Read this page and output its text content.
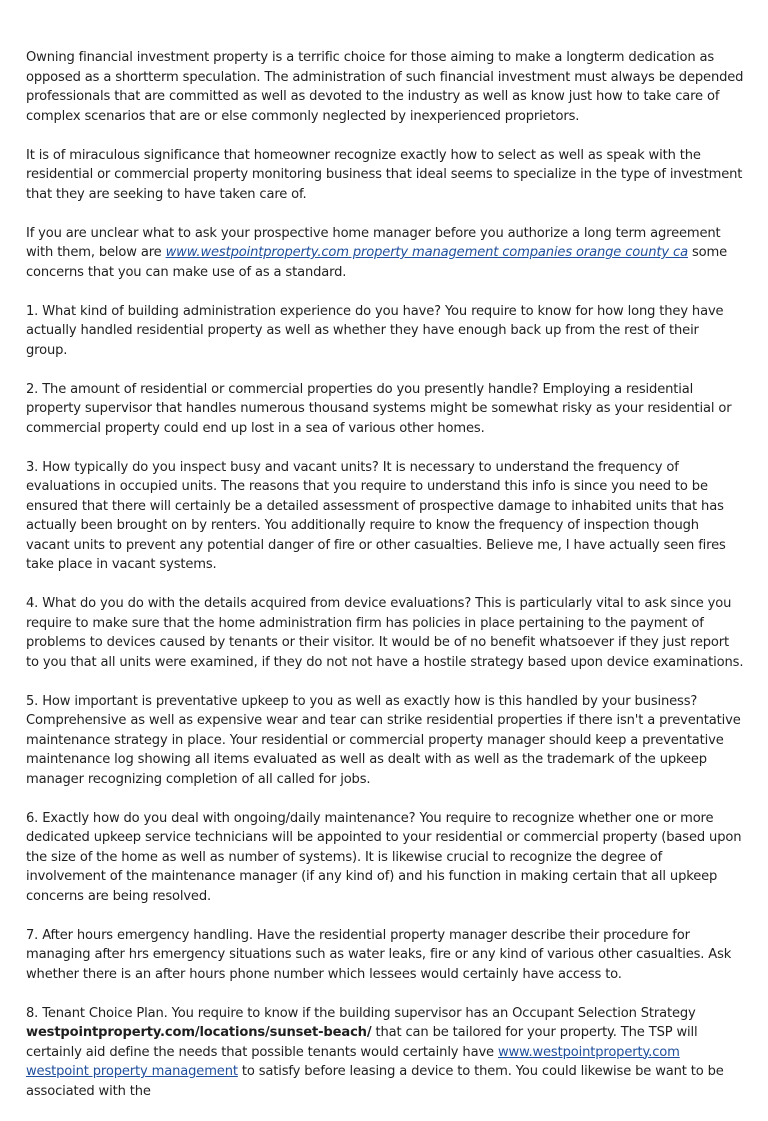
Owning financial investment property is a terrific choice for those aiming to make a longterm dedication as opposed as a shortterm speculation. The administration of such financial investment must always be depended professionals that are committed as well as devoted to the industry as well as know just how to take care of complex scenarios that are or else commonly neglected by inexperienced proprietors.

It is of miraculous significance that homeowner recognize exactly how to select as well as speak with the residential or commercial property monitoring business that ideal seems to specialize in the type of investment that they are seeking to have taken care of.

If you are unclear what to ask your prospective home manager before you authorize a long term agreement with them, below are www.westpointproperty.com property management companies orange county ca some concerns that you can make use of as a standard.

1. What kind of building administration experience do you have? You require to know for how long they have actually handled residential property as well as whether they have enough back up from the rest of their group.

2. The amount of residential or commercial properties do you presently handle? Employing a residential property supervisor that handles numerous thousand systems might be somewhat risky as your residential or commercial property could end up lost in a sea of various other homes.

3. How typically do you inspect busy and vacant units? It is necessary to understand the frequency of evaluations in occupied units. The reasons that you require to understand this info is since you need to be ensured that there will certainly be a detailed assessment of prospective damage to inhabited units that has actually been brought on by renters. You additionally require to know the frequency of inspection though vacant units to prevent any potential danger of fire or other casualties. Believe me, I have actually seen fires take place in vacant systems.

4. What do you do with the details acquired from device evaluations? This is particularly vital to ask since you require to make sure that the home administration firm has policies in place pertaining to the payment of problems to devices caused by tenants or their visitor. It would be of no benefit whatsoever if they just report to you that all units were examined, if they do not not have a hostile strategy based upon device examinations.

5. How important is preventative upkeep to you as well as exactly how is this handled by your business? Comprehensive as well as expensive wear and tear can strike residential properties if there isn't a preventative maintenance strategy in place. Your residential or commercial property manager should keep a preventative maintenance log showing all items evaluated as well as dealt with as well as the trademark of the upkeep manager recognizing completion of all called for jobs.

6. Exactly how do you deal with ongoing/daily maintenance? You require to recognize whether one or more dedicated upkeep service technicians will be appointed to your residential or commercial property (based upon the size of the home as well as number of systems). It is likewise crucial to recognize the degree of involvement of the maintenance manager (if any kind of) and his function in making certain that all upkeep concerns are being resolved.

7. After hours emergency handling. Have the residential property manager describe their procedure for managing after hrs emergency situations such as water leaks, fire or any kind of various other casualties. Ask whether there is an after hours phone number which lessees would certainly have access to.

8. Tenant Choice Plan. You require to know if the building supervisor has an Occupant Selection Strategy westpointproperty.com/locations/sunset-beach/ that can be tailored for your property. The TSP will certainly aid define the needs that possible tenants would certainly have www.westpointproperty.com westpoint property management to satisfy before leasing a device to them. You could likewise be want to be associated with the
